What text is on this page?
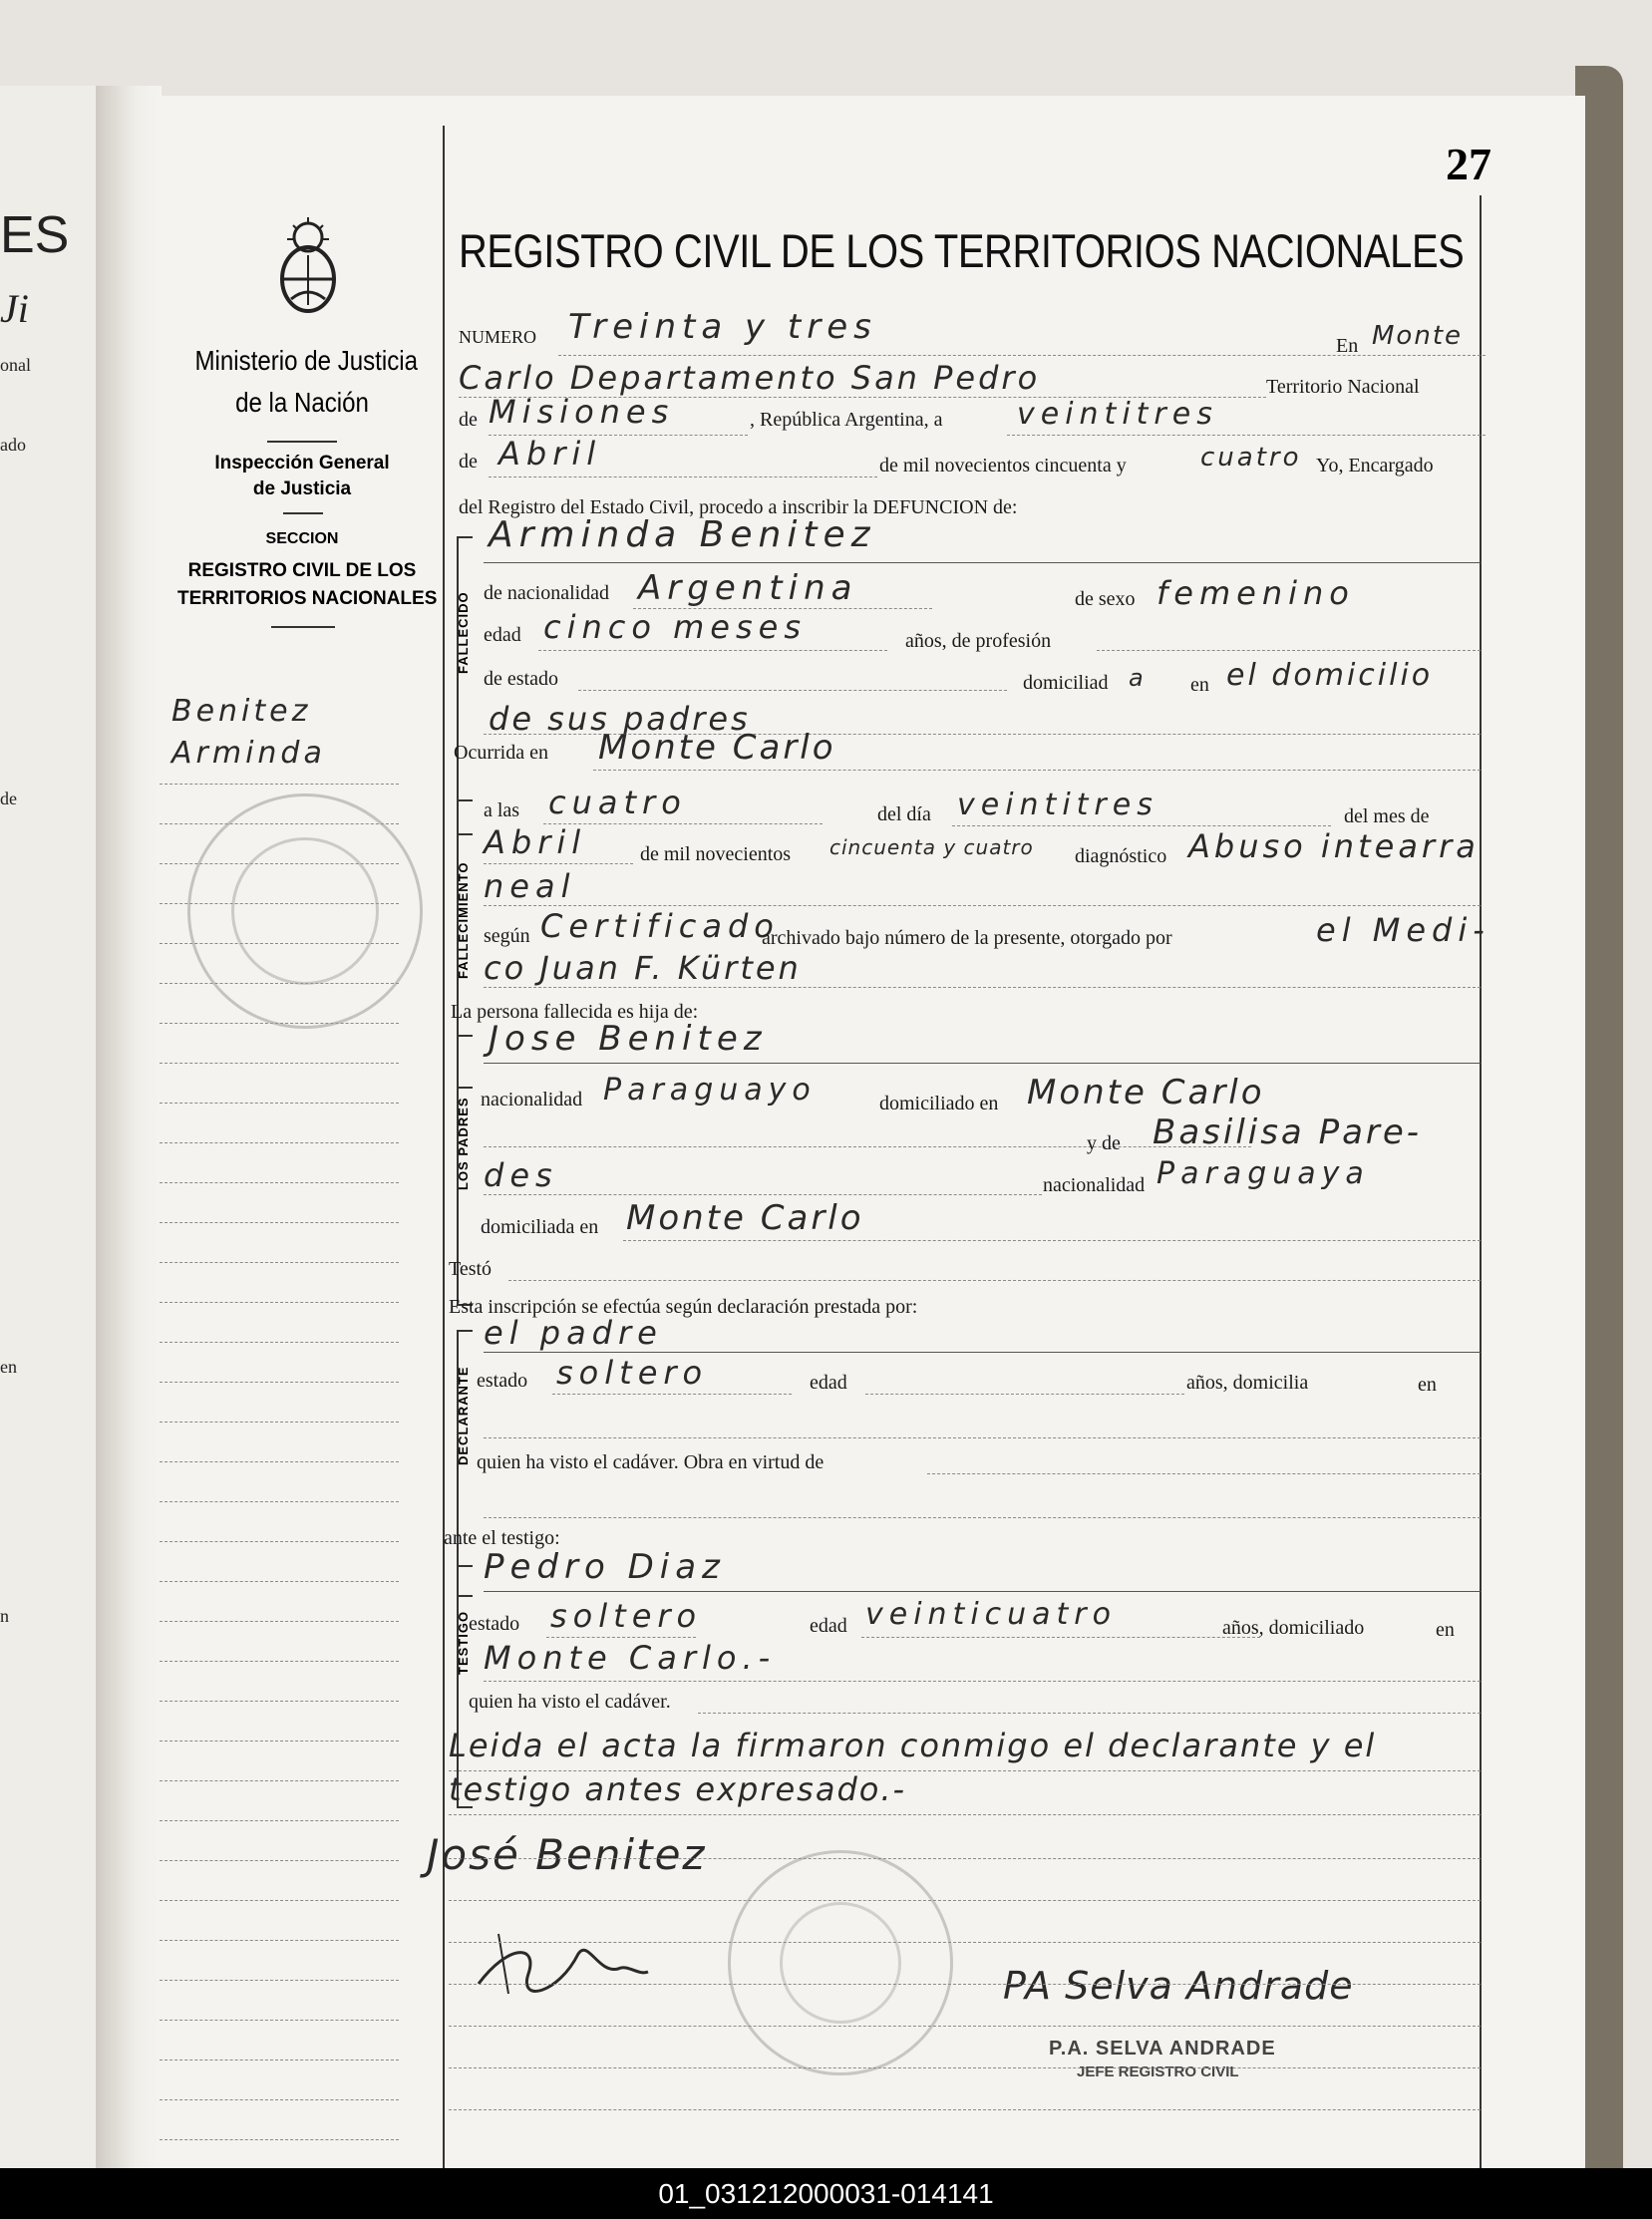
ES
Ji
onal
ado
de
en
n
27
REGISTRO CIVIL DE LOS TERRITORIOS NACIONALES
Ministerio de Justicia
de la Nación
Inspección General
de Justicia
SECCION
REGISTRO CIVIL DE LOS
TERRITORIOS NACIONALES
Benitez
Arminda
NUMERO Treinta y tres	En Monte
Carlo Departamento San Pedro	Territorio Nacional
de Misiones	, República Argentina, a veintitres
de Abril	de mil novecientos cincuenta y	cuatro Yo, Encargado
del Registro del Estado Civil, procedo a inscribir la DEFUNCION de:
FALLECIDO
Arminda Benitez
de nacionalidad Argentina	de sexo femenino
edad cinco meses	años, de profesión
de estado	domiciliad a en el domicilio
de sus padres
Ocurrida en Monte Carlo
FALLECIMIENTO
a las cuatro	del día veintitres	del mes de
Abril	de mil novecientos cincuenta y cuatro diagnóstico Abuso intearra
neal
según Certificado
archivado bajo número de la presente, otorgado por	el Medi-
co Juan F. Kürten
La persona fallecida es hija de:
LOS PADRES
Jose Benitez
nacionalidad Paraguayo	domiciliado en Monte Carlo
y de Basilisa Pare-
des	nacionalidad Paraguaya
domiciliada en Monte Carlo
Testó
Esta inscripción se efectúa según declaración prestada por:
DECLARANTE
el padre
estado soltero	edad	años, domicilia	en
quien ha visto el cadáver. Obra en virtud de
ante el testigo:
TESTIGO
Pedro Diaz
estado soltero	edad veinticuatro	años, domiciliado	en
Monte Carlo.-
quien ha visto el cadáver.
Leida el acta la firmaron conmigo el declarante y el
testigo antes expresado.-
José Benitez
PA Selva Andrade
P.A. SELVA ANDRADE
JEFE REGISTRO CIVIL
01_031212000031-014141
